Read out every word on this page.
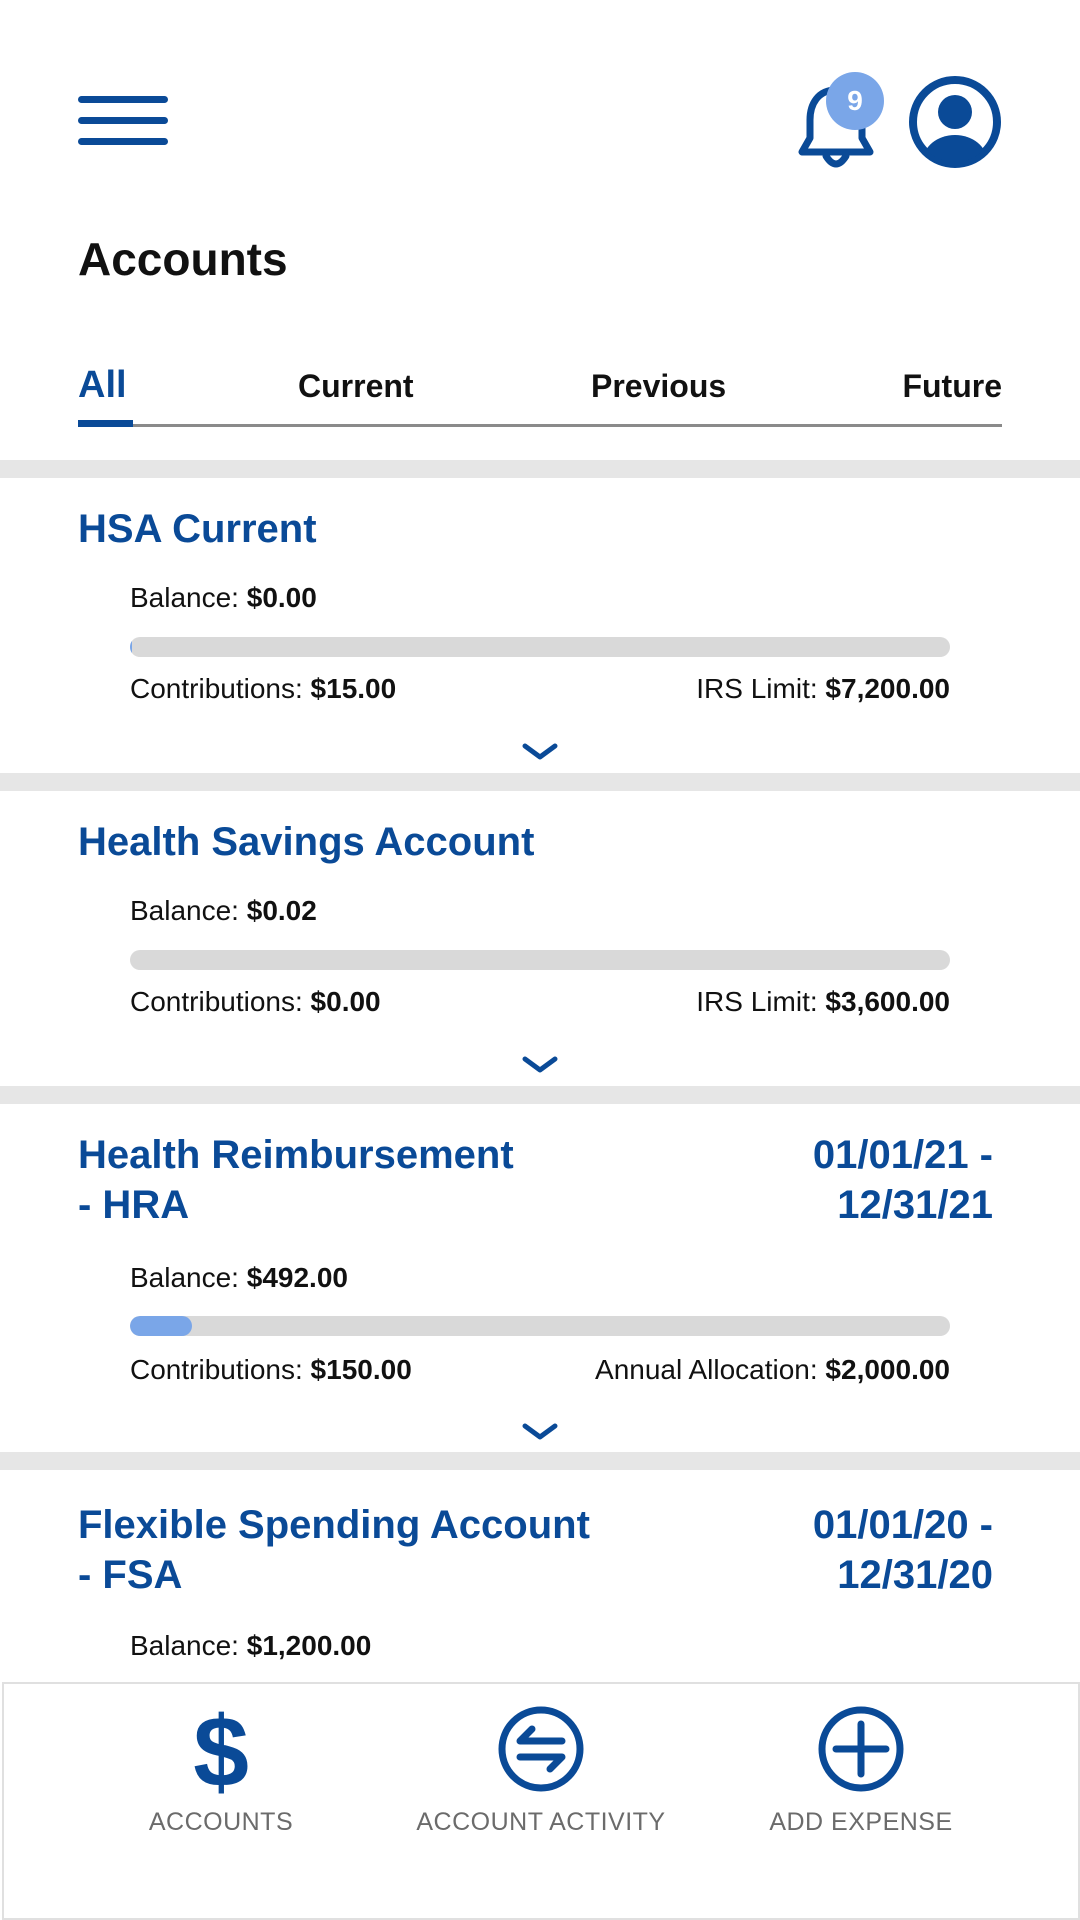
9
Accounts
All	Current	Previous	Future
HSA Current
Balance: $0.00
Contributions: $15.00	IRS Limit: $7,200.00
Health Savings Account
Balance: $0.02
Contributions: $0.00	IRS Limit: $3,600.00
Health Reimbursement
- HRA
01/01/21 -
12/31/21
Balance: $492.00
Contributions: $150.00	Annual Allocation: $2,000.00
Flexible Spending Account
- FSA
01/01/20 -
12/31/20
Balance: $1,200.00
$
ACCOUNTS	ACCOUNT ACTIVITY	ADD EXPENSE
